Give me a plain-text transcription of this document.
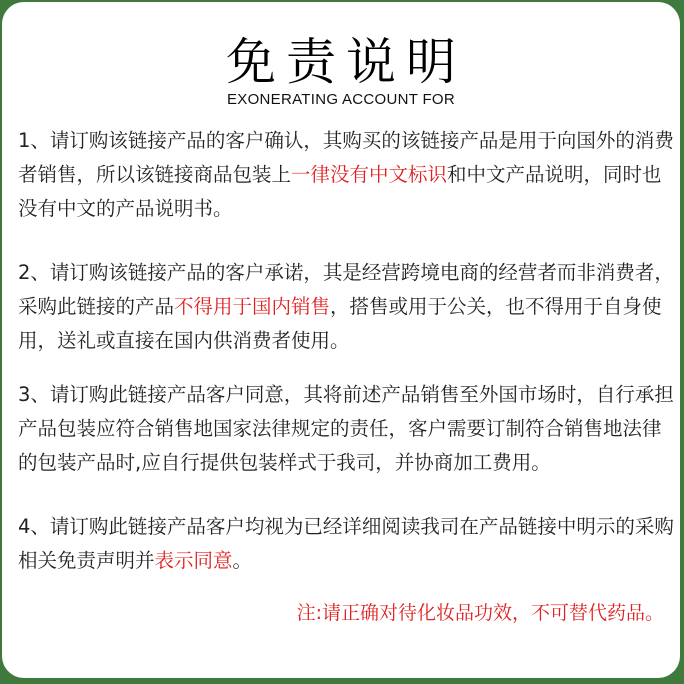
免责说明
EXONERATING ACCOUNT FOR
1、请订购该链接产品的客户确认，其购买的该链接产品是用于向国外的消费者销售，所以该链接商品包装上一律没有中文标识和中文产品说明，同时也没有中文的产品说明书。
2、请订购该链接产品的客户承诺，其是经营跨境电商的经营者而非消费者，采购此链接的产品不得用于国内销售，搭售或用于公关，也不得用于自身使用，送礼或直接在国内供消费者使用。
3、请订购此链接产品客户同意，其将前述产品销售至外国市场时，自行承担产品包装应符合销售地国家法律规定的责任，客户需要订制符合销售地法律的包装产品时,应自行提供包装样式于我司，并协商加工费用。
4、请订购此链接产品客户均视为已经详细阅读我司在产品链接中明示的采购相关免责声明并表示同意。
注:请正确对待化妆品功效，不可替代药品。
